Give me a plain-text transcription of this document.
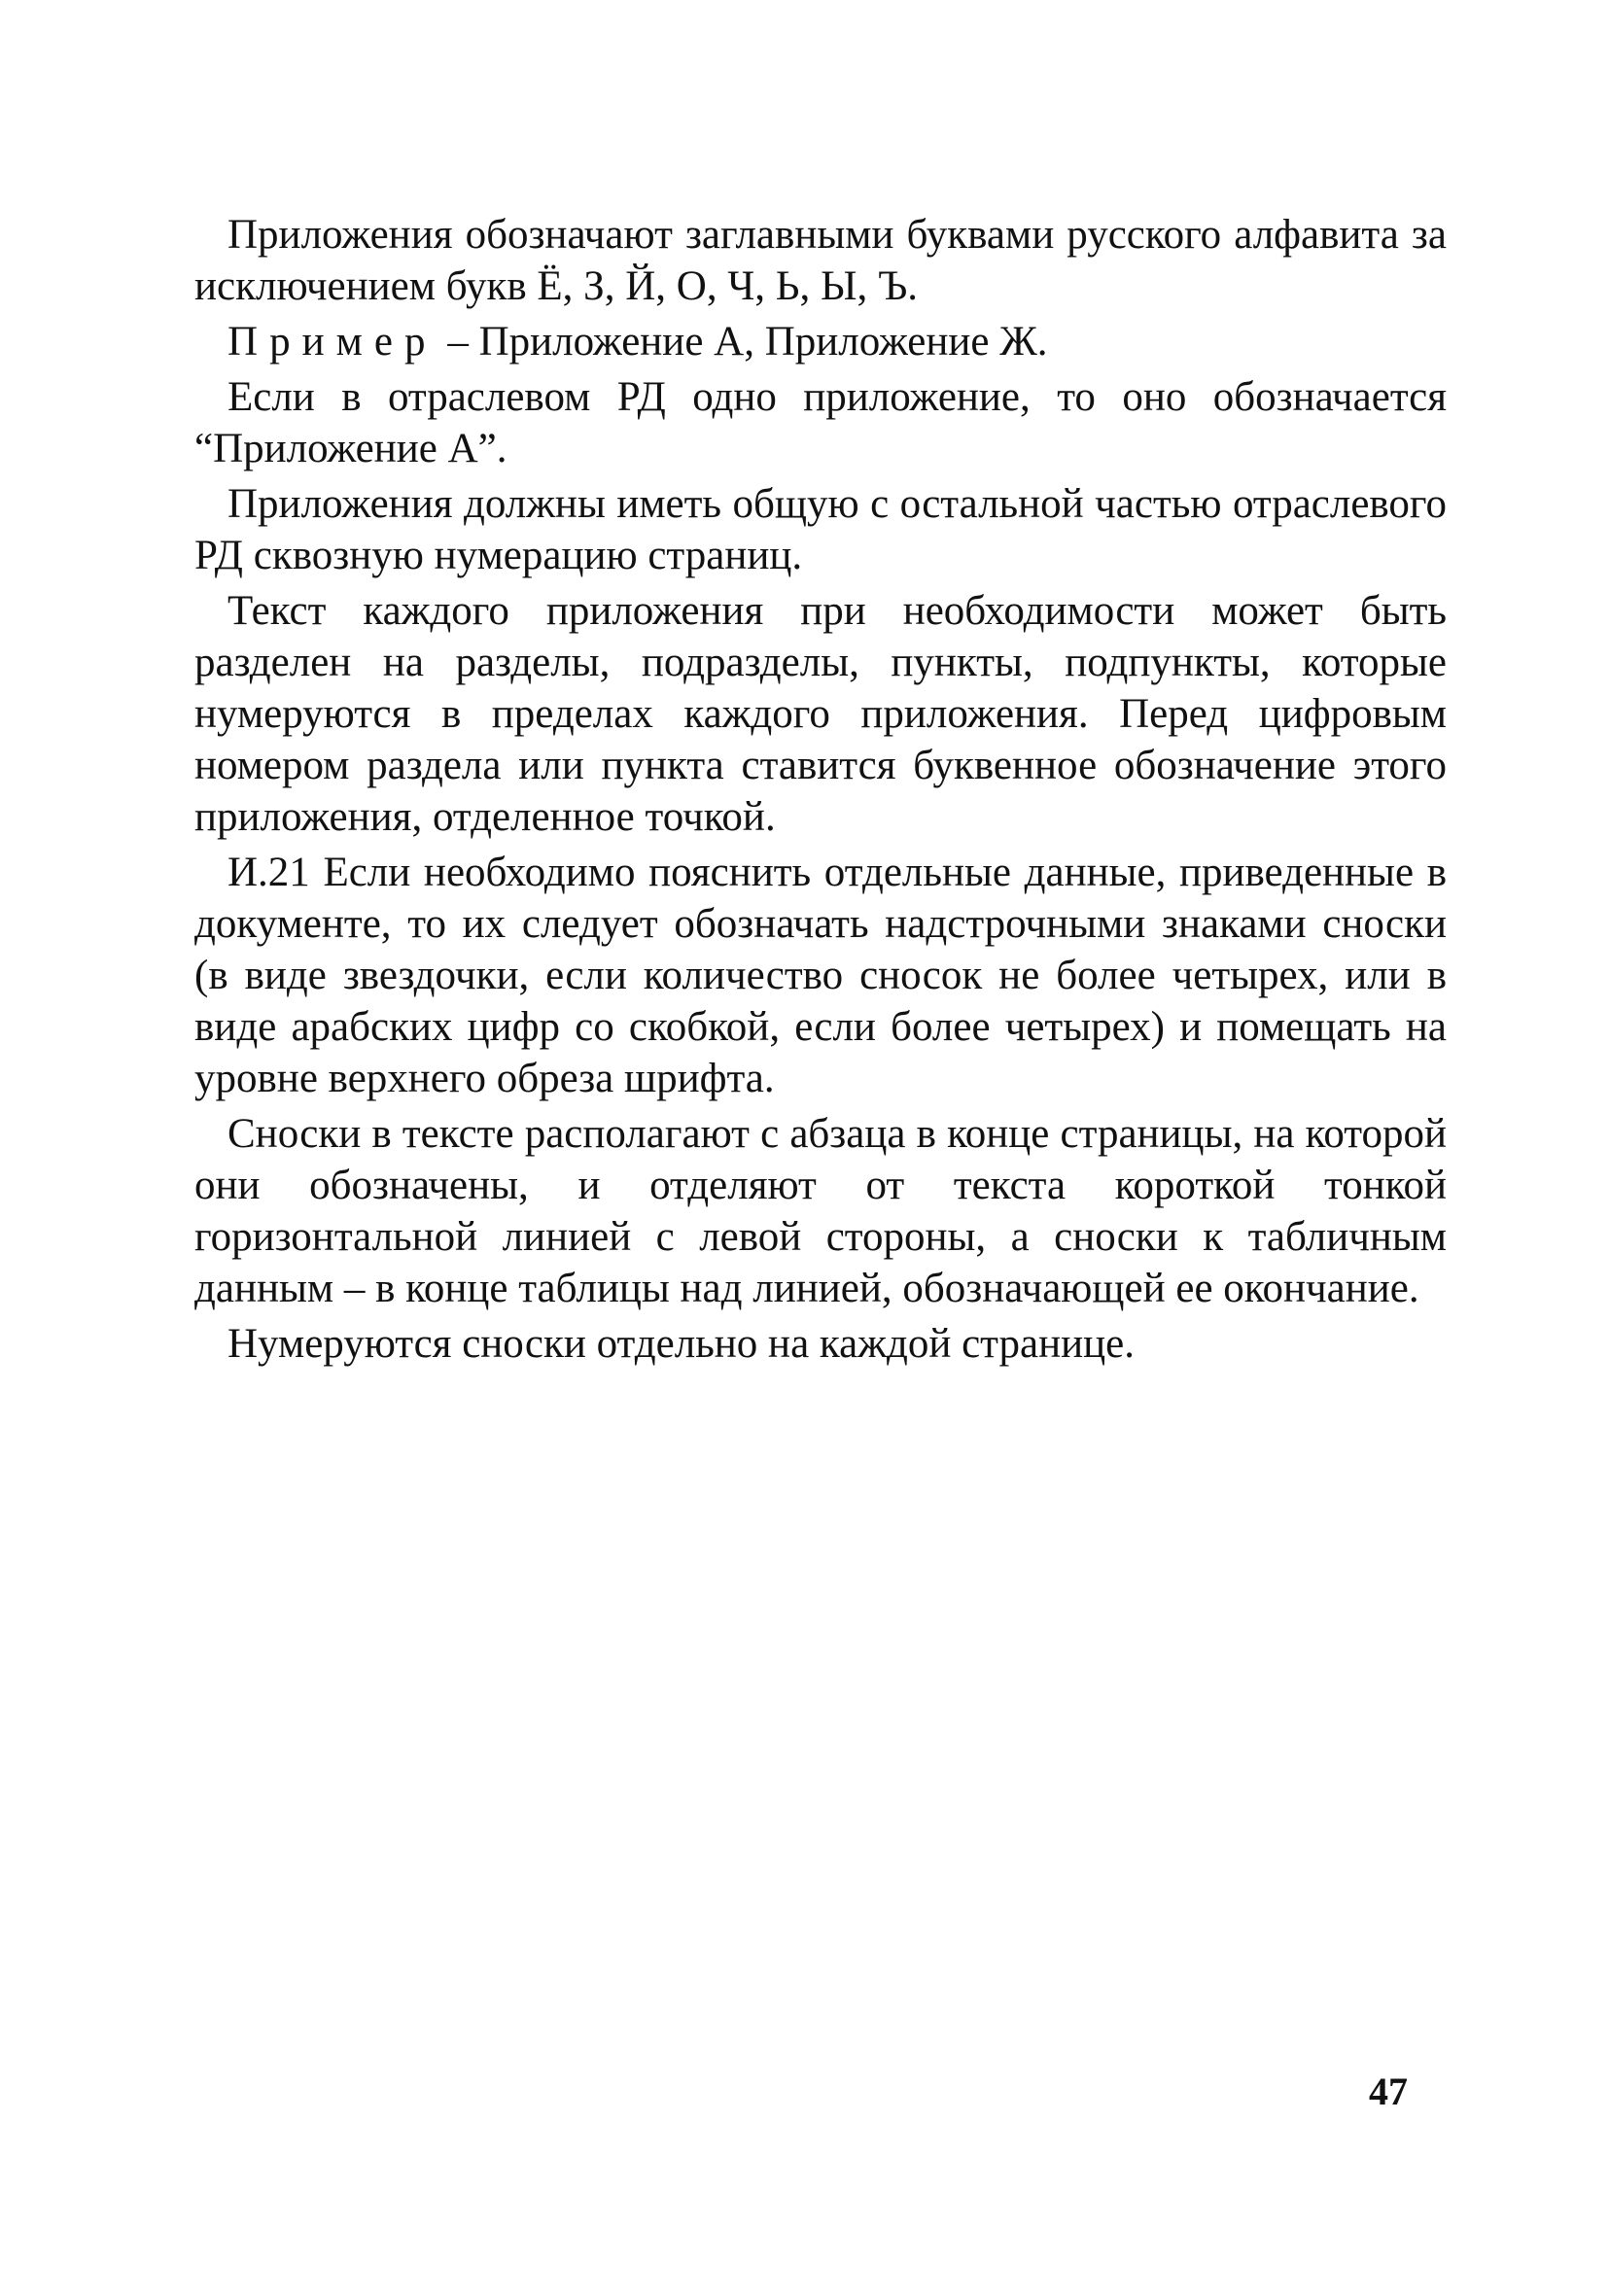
Приложения обозначают заглавными буквами русского алфавита за исключением букв Ё, З, Й, О, Ч, Ь, Ы, Ъ.

Пример – Приложение А, Приложение Ж.

Если в отраслевом РД одно приложение, то оно обозначается “Приложение А”.

Приложения должны иметь общую с остальной частью отраслевого РД сквозную нумерацию страниц.

Текст каждого приложения при необходимости может быть разделен на разделы, подразделы, пункты, подпункты, которые нумеруются в пределах каждого приложения. Перед цифровым номером раздела или пункта ставится буквенное обозначение этого приложения, отделенное точкой.

И.21 Если необходимо пояснить отдельные данные, приведенные в документе, то их следует обозначать надстрочными знаками сноски (в виде звездочки, если количество сносок не более четырех, или в виде арабских цифр со скобкой, если более четырех) и помещать на уровне верхнего обреза шрифта.

Сноски в тексте располагают с абзаца в конце страницы, на которой они обозначены, и отделяют от текста короткой тонкой горизонтальной линией с левой стороны, а сноски к табличным данным – в конце таблицы над линией, обозначающей ее окончание.

Нумеруются сноски отдельно на каждой странице.

47
